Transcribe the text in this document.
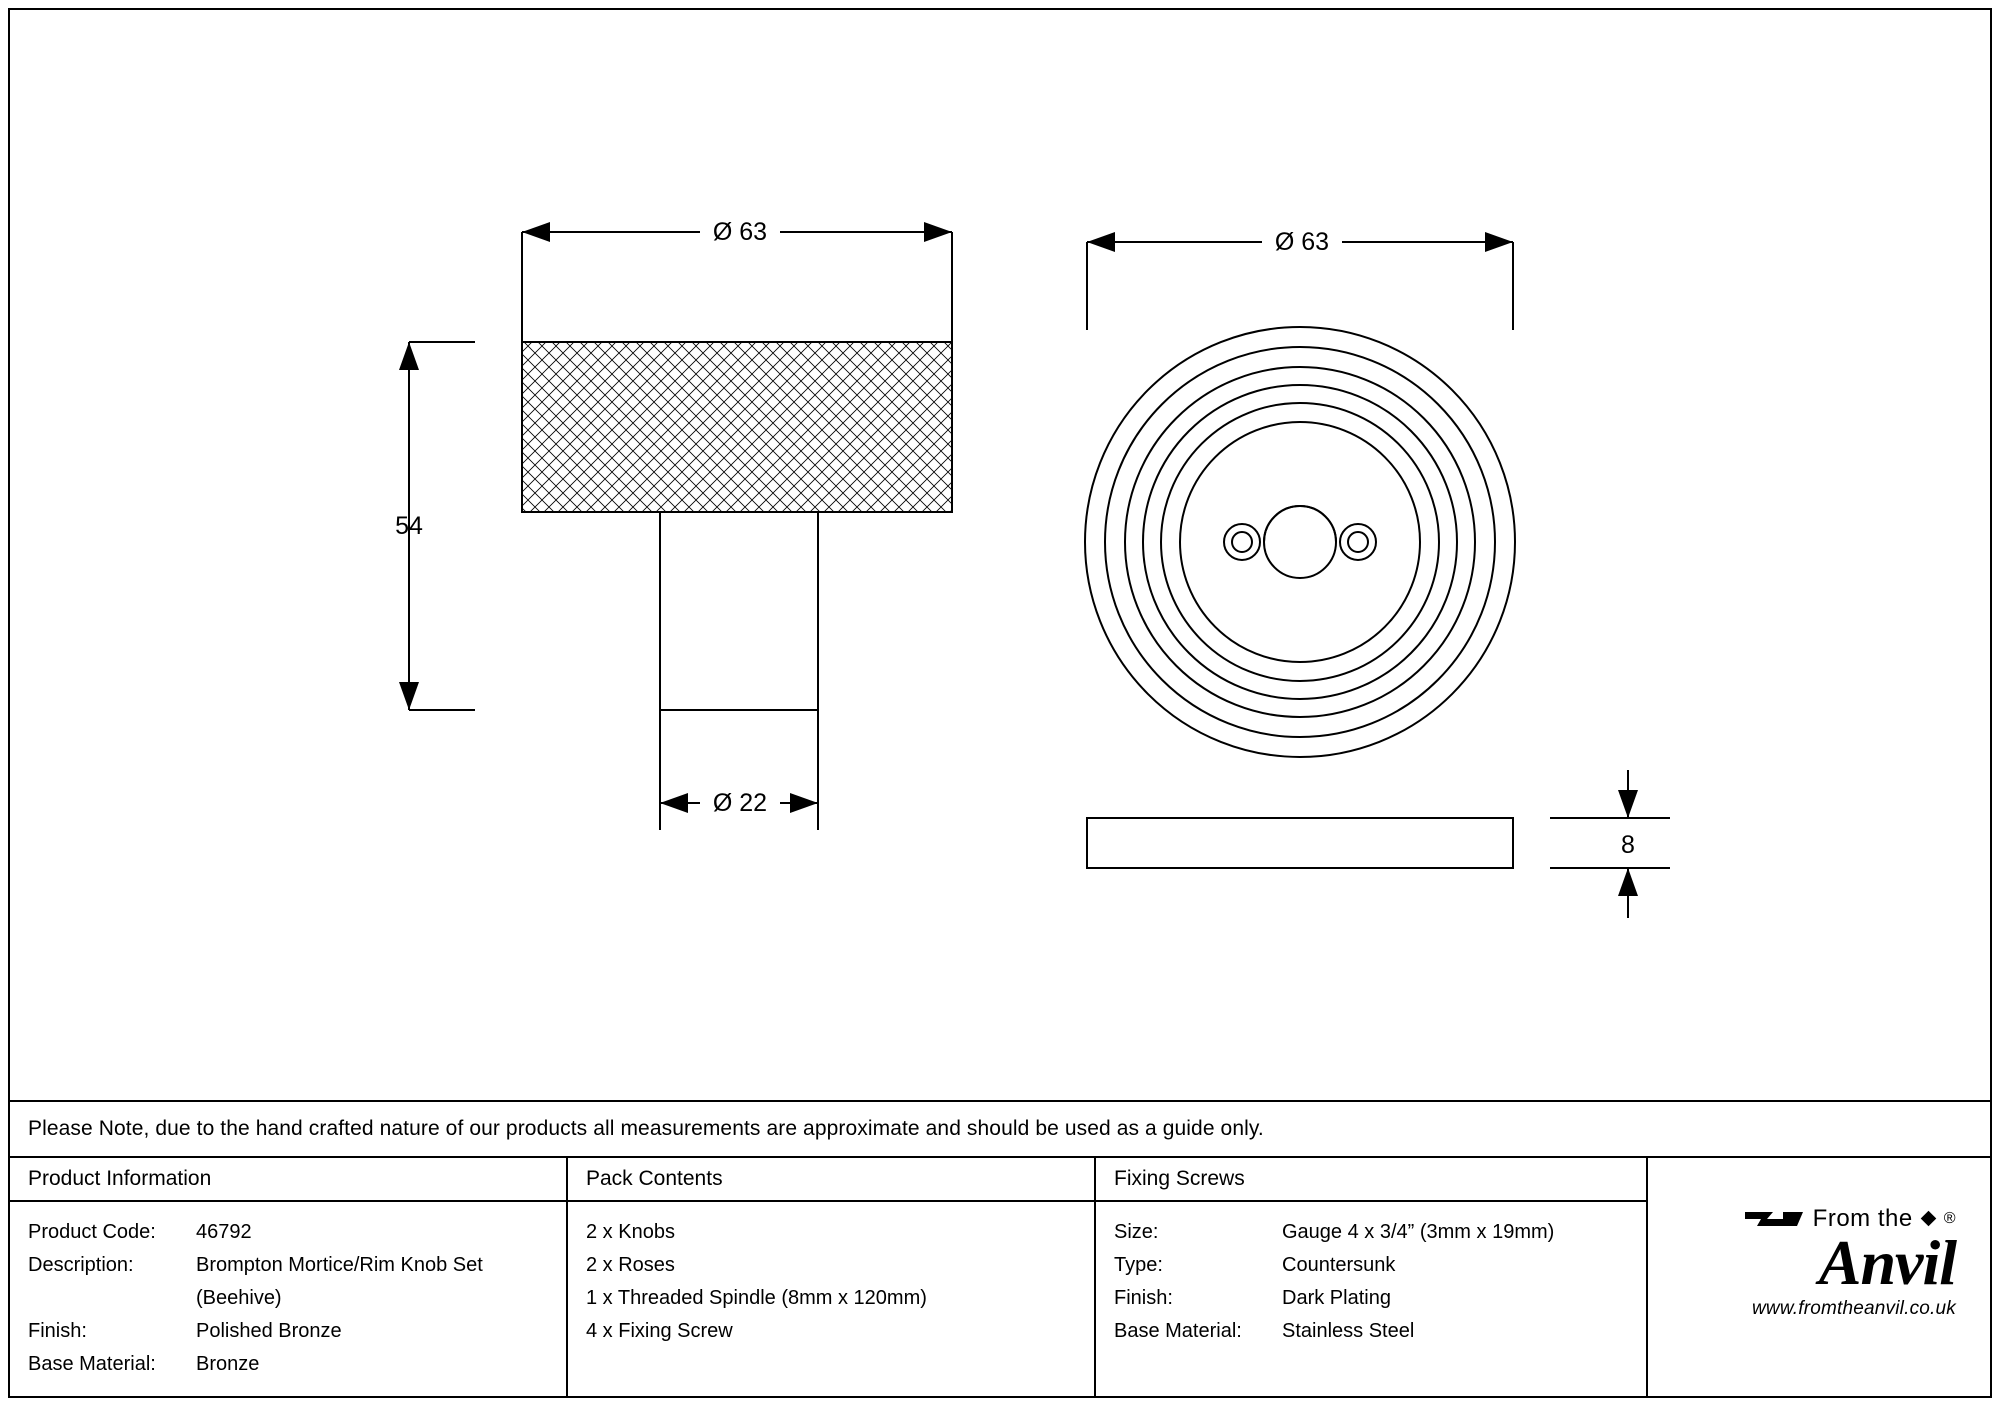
Ø 63	Ø 63
54
Ø 22
8
Please Note, due to the hand crafted nature of our products all measurements are approximate and should be used as a guide only.
Product Information
Product Code:	46792
Description:	Brompton Mortice/Rim Knob Set
(Beehive)
Finish:	Polished Bronze
Base Material:	Bronze
Pack Contents
2 x Knobs
2 x Roses
1 x Threaded Spindle (8mm x 120mm)
4 x Fixing Screw
Fixing Screws
Size:	Gauge 4 x 3/4” (3mm x 19mm)
Type:	Countersunk
Finish:	Dark Plating
Base Material:	Stainless Steel
From the ®
Anvil
www.fromtheanvil.co.uk
